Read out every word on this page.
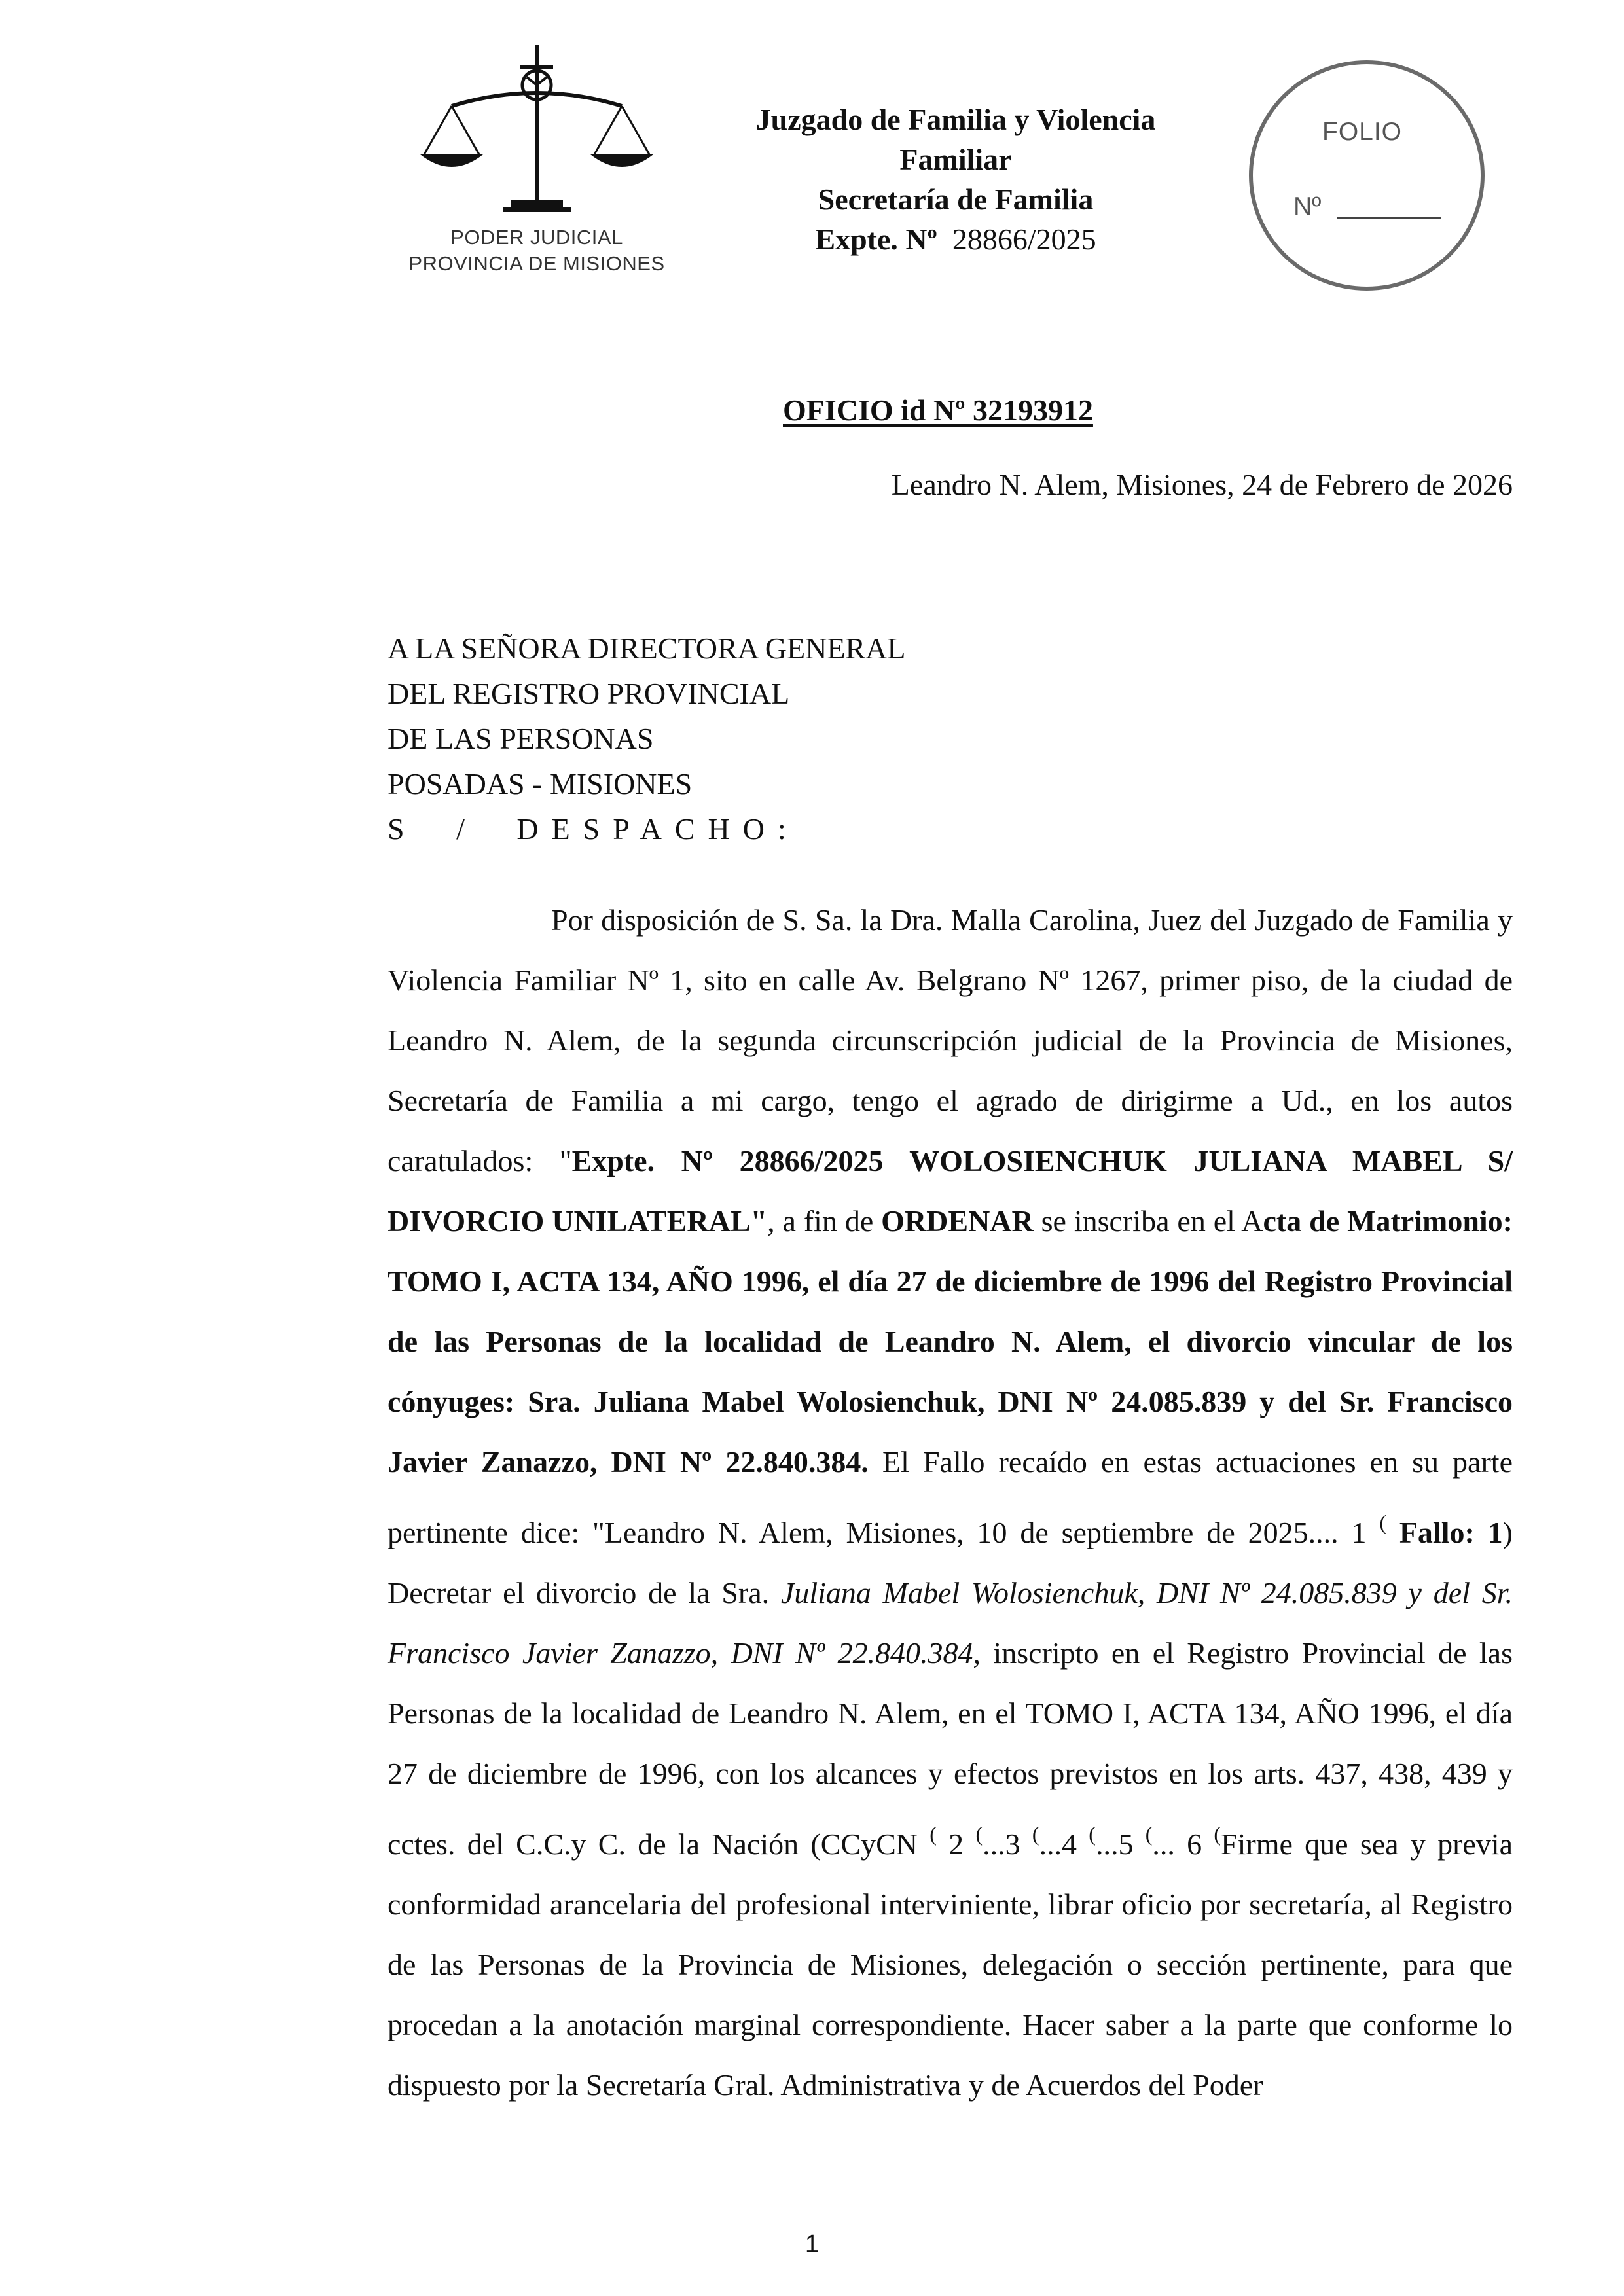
PODER JUDICIAL
PROVINCIA DE MISIONES
Juzgado de Familia y Violencia
Familiar
Secretaría de Familia
Expte. Nº 28866/2025
FOLIO
Nº
OFICIO id Nº 32193912
Leandro N. Alem, Misiones, 24 de Febrero de 2026
A LA SEÑORA DIRECTORA GENERAL
DEL REGISTRO PROVINCIAL
DE LAS PERSONAS
POSADAS - MISIONES
S / DESPACHO:

Por disposición de S. Sa. la Dra. Malla Carolina, Juez del Juzgado de Familia y Violencia Familiar Nº 1, sito en calle Av. Belgrano Nº 1267, primer piso, de la ciudad de Leandro N. Alem, de la segunda circunscripción judicial de la Provincia de Misiones, Secretaría de Familia a mi cargo, tengo el agrado de dirigirme a Ud., en los autos caratulados: "Expte. Nº 28866/2025 WOLOSIENCHUK JULIANA MABEL S/ DIVORCIO UNILATERAL", a fin de ORDENAR se inscriba en el Acta de Matrimonio: TOMO I, ACTA 134, AÑO 1996, el día 27 de diciembre de 1996 del Registro Provincial de las Personas de la localidad de Leandro N. Alem, el divorcio vincular de los cónyuges: Sra. Juliana Mabel Wolosienchuk, DNI Nº 24.085.839 y del Sr. Francisco Javier Zanazzo, DNI Nº 22.840.384. El Fallo recaído en estas actuaciones en su parte pertinente dice: "Leandro N. Alem, Misiones, 10 de septiembre de 2025.... 1 ( Fallo: 1) Decretar el divorcio de la Sra. Juliana Mabel Wolosienchuk, DNI Nº 24.085.839 y del Sr. Francisco Javier Zanazzo, DNI Nº 22.840.384, inscripto en el Registro Provincial de las Personas de la localidad de Leandro N. Alem, en el TOMO I, ACTA 134, AÑO 1996, el día 27 de diciembre de 1996, con los alcances y efectos previstos en los arts. 437, 438, 439 y cctes. del C.C.y C. de la Nación (CCyCN ( 2 (...3 (...4 (...5 (... 6 (Firme que sea y previa conformidad arancelaria del profesional interviniente, librar oficio por secretaría, al Registro de las Personas de la Provincia de Misiones, delegación o sección pertinente, para que procedan a la anotación marginal correspondiente. Hacer saber a la parte que conforme lo dispuesto por la Secretaría Gral. Administrativa y de Acuerdos del Poder

1
